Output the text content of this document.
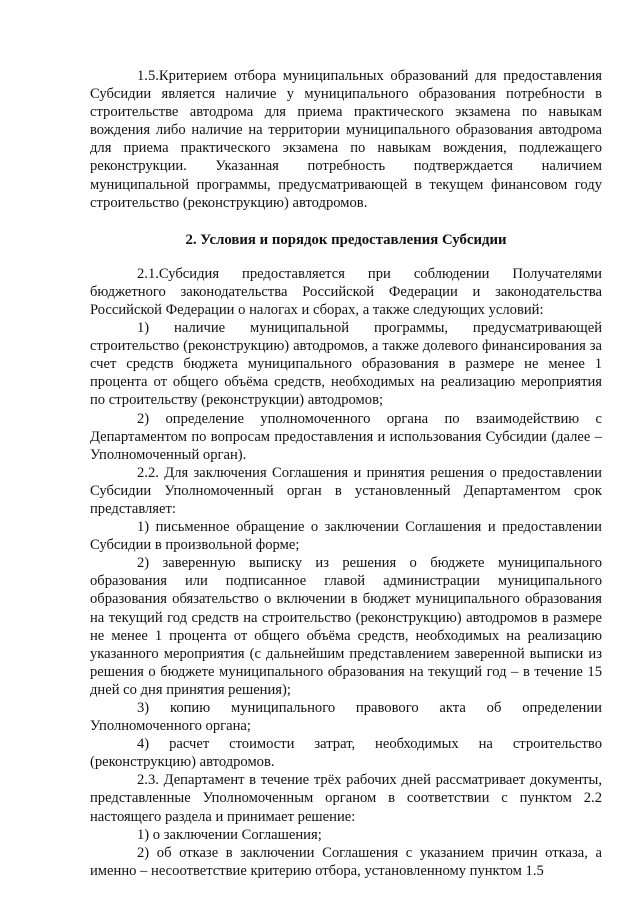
1.5.Критерием отбора муниципальных образований для предоставления Субсидии является наличие у муниципального образования потребности в строительстве автодрома для приема практического экзамена по навыкам вождения либо наличие на территории муниципального образования автодрома для приема практического экзамена по навыкам вождения, подлежащего реконструкции. Указанная потребность подтверждается наличием муниципальной программы, предусматривающей в текущем финансовом году строительство (реконструкцию) автодромов.

2. Условия и порядок предоставления Субсидии

2.1.Субсидия предоставляется при соблюдении Получателями бюджетного законодательства Российской Федерации и законодательства Российской Федерации о налогах и сборах, а также следующих условий:

1) наличие муниципальной программы, предусматривающей строительство (реконструкцию) автодромов, а также долевого финансирования за счет средств бюджета муниципального образования в размере не менее 1 процента от общего объёма средств, необходимых на реализацию мероприятия по строительству (реконструкции) автодромов;

2) определение уполномоченного органа по взаимодействию с Департаментом по вопросам предоставления и использования Субсидии (далее – Уполномоченный орган).

2.2. Для заключения Соглашения и принятия решения о предоставлении Субсидии Уполномоченный орган в установленный Департаментом срок представляет:

1) письменное обращение о заключении Соглашения и предоставлении Субсидии в произвольной форме;

2) заверенную выписку из решения о бюджете муниципального образования или подписанное главой администрации муниципального образования обязательство о включении в бюджет муниципального образования на текущий год средств на строительство (реконструкцию) автодромов в размере не менее 1 процента от общего объёма средств, необходимых на реализацию указанного мероприятия (с дальнейшим представлением заверенной выписки из решения о бюджете муниципального образования на текущий год – в течение 15 дней со дня принятия решения);

3) копию муниципального правового акта об определении Уполномоченного органа;

4) расчет стоимости затрат, необходимых на строительство (реконструкцию) автодромов.

2.3. Департамент в течение трёх рабочих дней рассматривает документы, представленные Уполномоченным органом в соответствии с пунктом 2.2 настоящего раздела и принимает решение:

1) о заключении Соглашения;

2) об отказе в заключении Соглашения с указанием причин отказа, а именно – несоответствие критерию отбора, установленному пунктом 1.5
